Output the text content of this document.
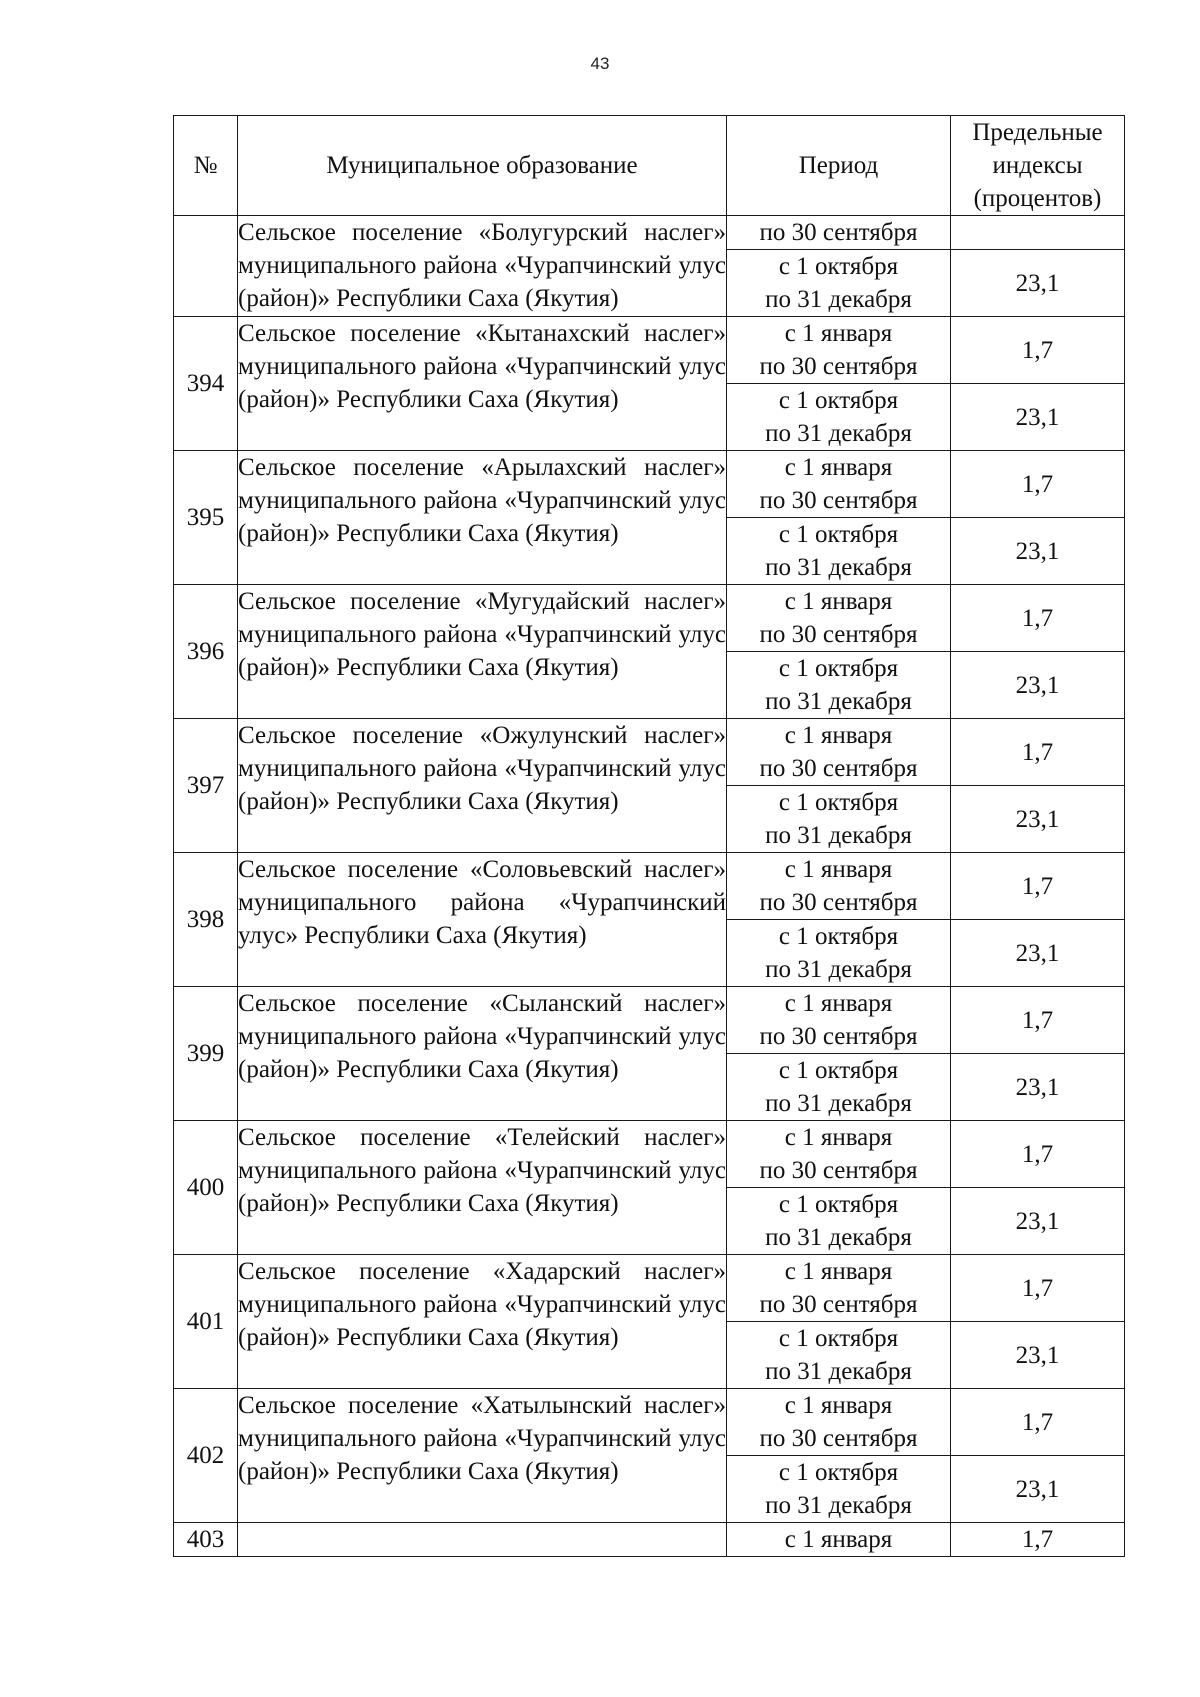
43
№	Муниципальное образование	Период	Предельные
индексы
(процентов)

	Сельское поселение «Болугурский наслег» муниципального района «Чурапчинский улус (район)» Республики Саха (Якутия)	по 30 сентября	

		с 1 октября
по 31 декабря	23,1
394	Сельское поселение «Кытанахский наслег» муниципального района «Чурапчинский улус (район)» Республики Саха (Якутия)	с 1 января
по 30 сентября	1,7

		с 1 октября
по 31 декабря	23,1
395	Сельское поселение «Арылахский наслег» муниципального района «Чурапчинский улус (район)» Республики Саха (Якутия)	с 1 января
по 30 сентября	1,7

		с 1 октября
по 31 декабря	23,1
396	Сельское поселение «Мугудайский наслег» муниципального района «Чурапчинский улус (район)» Республики Саха (Якутия)	с 1 января
по 30 сентября	1,7

		с 1 октября
по 31 декабря	23,1
397	Сельское поселение «Ожулунский наслег» муниципального района «Чурапчинский улус (район)» Республики Саха (Якутия)	с 1 января
по 30 сентября	1,7

		с 1 октября
по 31 декабря	23,1
398	Сельское поселение «Соловьевский наслег» муниципального района «Чурапчинский улус» Республики Саха (Якутия)	с 1 января
по 30 сентября	1,7

		с 1 октября
по 31 декабря	23,1
399	Сельское поселение «Сыланский наслег» муниципального района «Чурапчинский улус (район)» Республики Саха (Якутия)	с 1 января
по 30 сентября	1,7

		с 1 октября
по 31 декабря	23,1
400	Сельское поселение «Телейский наслег» муниципального района «Чурапчинский улус (район)» Республики Саха (Якутия)	с 1 января
по 30 сентября	1,7

		с 1 октября
по 31 декабря	23,1
401	Сельское поселение «Хадарский наслег» муниципального района «Чурапчинский улус (район)» Республики Саха (Якутия)	с 1 января
по 30 сентября	1,7

		с 1 октября
по 31 декабря	23,1
402	Сельское поселение «Хатылынский наслег» муниципального района «Чурапчинский улус (район)» Республики Саха (Якутия)	с 1 января
по 30 сентября	1,7

		с 1 октября
по 31 декабря	23,1
403		с 1 января	1,7
